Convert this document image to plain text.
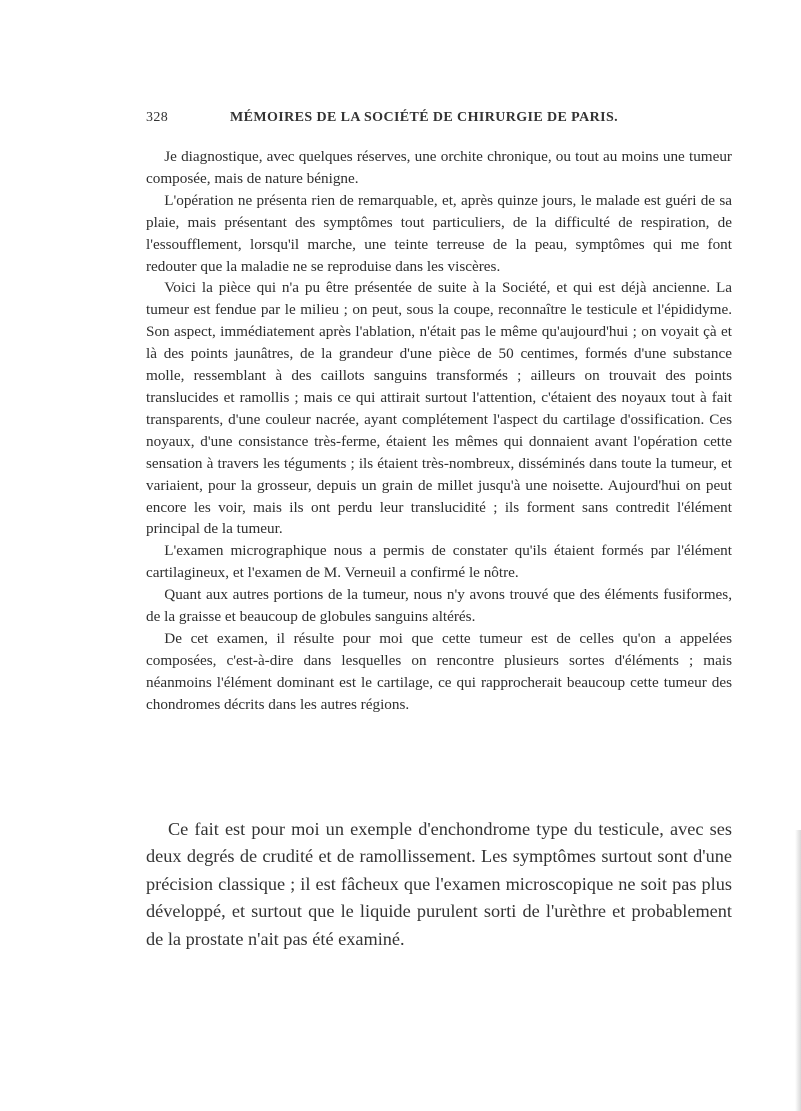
328	MÉMOIRES DE LA SOCIÉTÉ DE CHIRURGIE DE PARIS.

Je diagnostique, avec quelques réserves, une orchite chronique, ou tout au moins une tumeur composée, mais de nature bénigne.

L'opération ne présenta rien de remarquable, et, après quinze jours, le malade est guéri de sa plaie, mais présentant des symptômes tout particuliers, de la difficulté de respiration, de l'essoufflement, lorsqu'il marche, une teinte terreuse de la peau, symptômes qui me font redouter que la maladie ne se reproduise dans les viscères.

Voici la pièce qui n'a pu être présentée de suite à la Société, et qui est déjà ancienne. La tumeur est fendue par le milieu ; on peut, sous la coupe, reconnaître le testicule et l'épididyme. Son aspect, immédiatement après l'ablation, n'était pas le même qu'aujourd'hui ; on voyait çà et là des points jaunâtres, de la grandeur d'une pièce de 50 centimes, formés d'une substance molle, ressemblant à des caillots sanguins transformés ; ailleurs on trouvait des points translucides et ramollis ; mais ce qui attirait surtout l'attention, c'étaient des noyaux tout à fait transparents, d'une couleur nacrée, ayant complétement l'aspect du cartilage d'ossification. Ces noyaux, d'une consistance très-ferme, étaient les mêmes qui donnaient avant l'opération cette sensation à travers les téguments ; ils étaient très-nombreux, disséminés dans toute la tumeur, et variaient, pour la grosseur, depuis un grain de millet jusqu'à une noisette. Aujourd'hui on peut encore les voir, mais ils ont perdu leur translucidité ; ils forment sans contredit l'élément principal de la tumeur.

L'examen micrographique nous a permis de constater qu'ils étaient formés par l'élément cartilagineux, et l'examen de M. Verneuil a confirmé le nôtre.

Quant aux autres portions de la tumeur, nous n'y avons trouvé que des éléments fusiformes, de la graisse et beaucoup de globules sanguins altérés.

De cet examen, il résulte pour moi que cette tumeur est de celles qu'on a appelées composées, c'est-à-dire dans lesquelles on rencontre plusieurs sortes d'éléments ; mais néanmoins l'élément dominant est le cartilage, ce qui rapprocherait beaucoup cette tumeur des chondromes décrits dans les autres régions.

Ce fait est pour moi un exemple d'enchondrome type du testicule, avec ses deux degrés de crudité et de ramollissement. Les symptômes surtout sont d'une précision classique ; il est fâcheux que l'examen microscopique ne soit pas plus développé, et surtout que le liquide purulent sorti de l'urèthre et probablement de la prostate n'ait pas été examiné.
